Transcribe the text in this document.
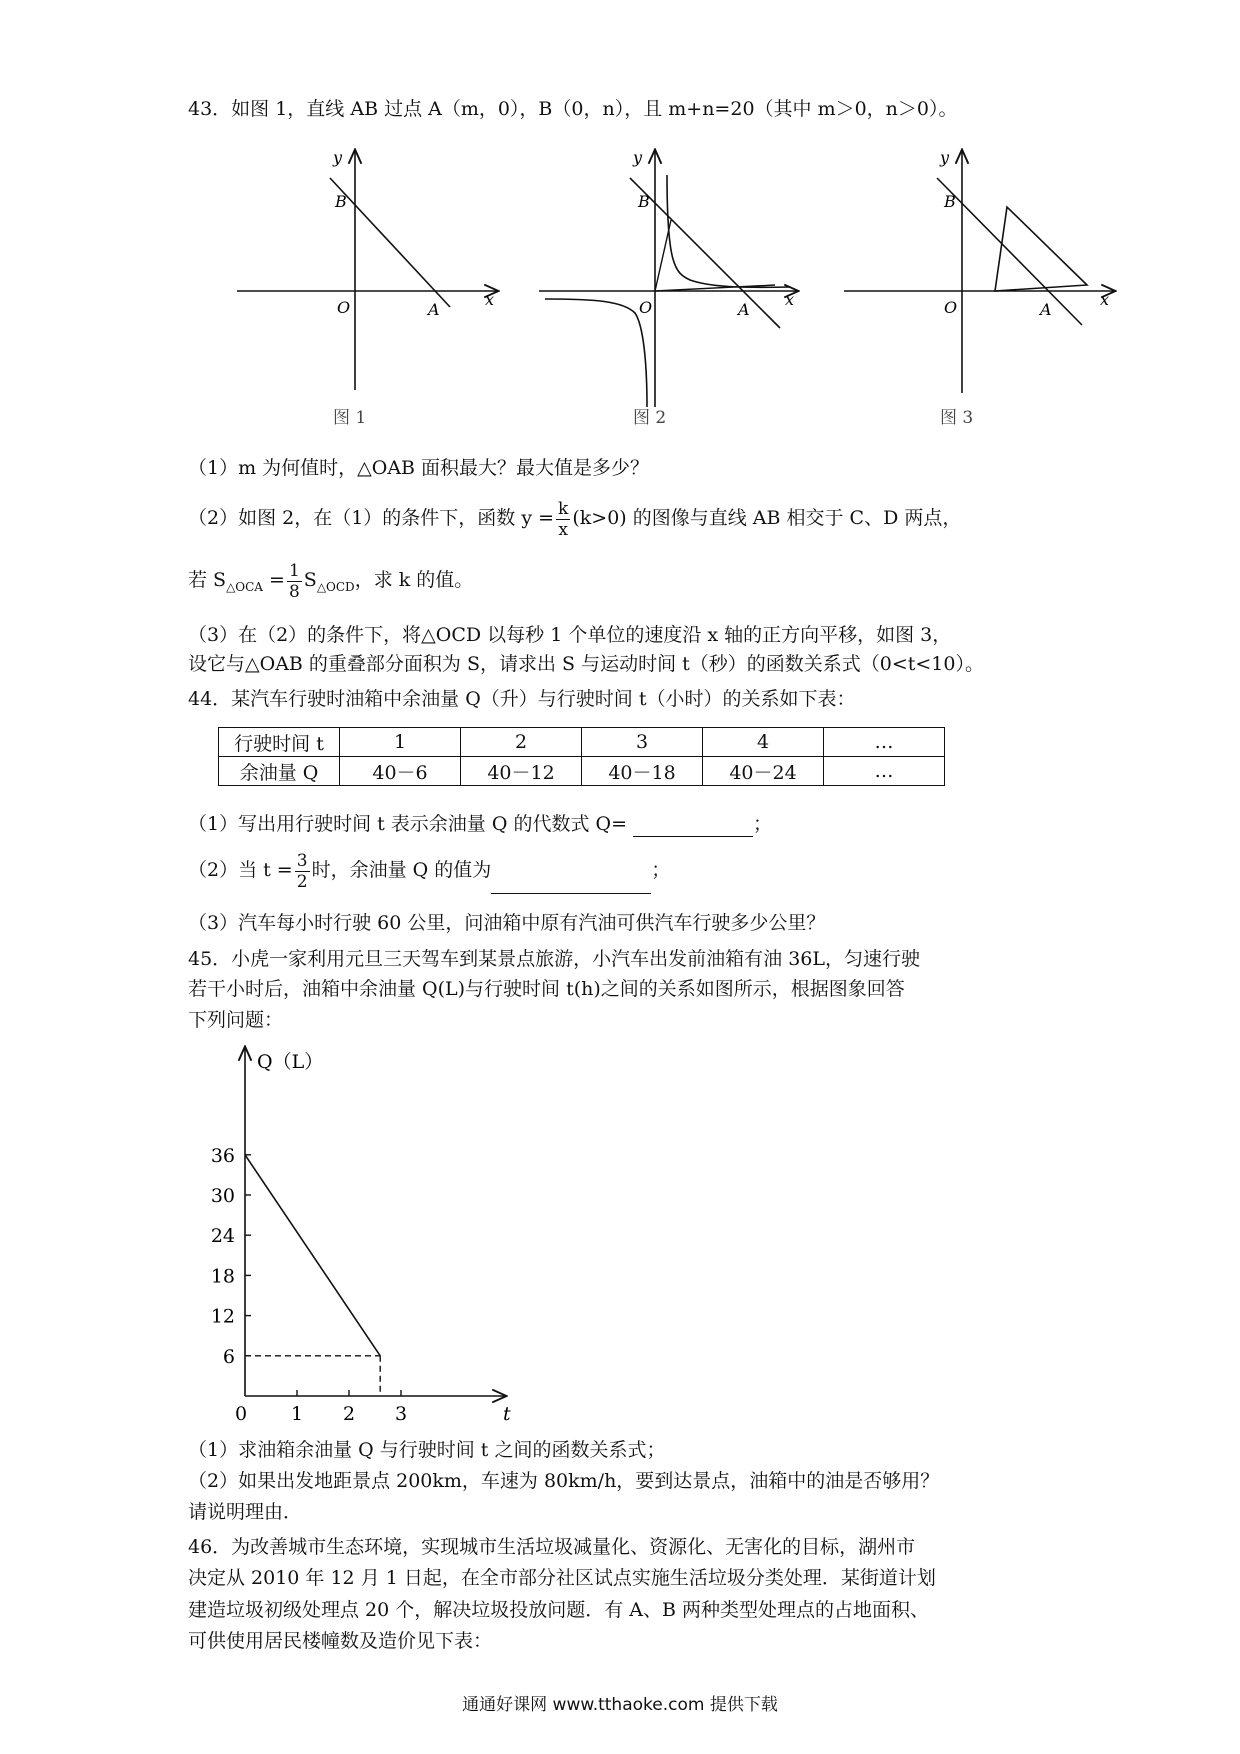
43．如图 1，直线 AB 过点 A（m，0），B（0，n），且 m+n=20（其中 m＞0，n＞0）。
x
y
O	A
B
图 1
x
y
O	A
B
图 2
x
y
O	A
B
图 3
（1）m 为何值时，△OAB 面积最大？最大值是多少？
（2）如图 2，在（1）的条件下，函数 $y = \frac{k}{x} (k>0)$ 的图像与直线 AB 相交于 C、D 两点，
若 $S_{\triangle OCA} = \frac{1}{8} S_{\triangle OCD}$，求 k 的值。
（3）在（2）的条件下，将△OCD 以每秒 1 个单位的速度沿 x 轴的正方向平移，如图 3，
设它与△OAB 的重叠部分面积为 S，请求出 S 与运动时间 t（秒）的函数关系式（0<t<10）。
44．某汽车行驶时油箱中余油量 Q（升）与行驶时间 t（小时）的关系如下表：
行驶时间 t	1	2	3	4	…
余油量 Q	40－6	40－12	40－18	40－24	…
（1）写出用行驶时间 t 表示余油量 Q 的代数式 Q=	；
（2）当 $t = \frac{3}{2}$ 时，余油量 Q 的值为	；
（3）汽车每小时行驶 60 公里，问油箱中原有汽油可供汽车行驶多少公里？
45．小虎一家利用元旦三天驾车到某景点旅游，小汽车出发前油箱有油 36L，匀速行驶
若干小时后，油箱中余油量 Q(L)与行驶时间 t(h)之间的关系如图所示，根据图象回答
下列问题：
Q（L）
t
36
30
24
18
12
6
0 1 2 3
（1）求油箱余油量 Q 与行驶时间 t 之间的函数关系式；
（2）如果出发地距景点 200km，车速为 80km/h，要到达景点，油箱中的油是否够用？
请说明理由．
46．为改善城市生态环境，实现城市生活垃圾减量化、资源化、无害化的目标，湖州市
决定从 2010 年 12 月 1 日起，在全市部分社区试点实施生活垃圾分类处理．某街道计划
建造垃圾初级处理点 20 个，解决垃圾投放问题．有 A、B 两种类型处理点的占地面积、
可供使用居民楼幢数及造价见下表：
通通好课网 www.tthaoke.com 提供下载
